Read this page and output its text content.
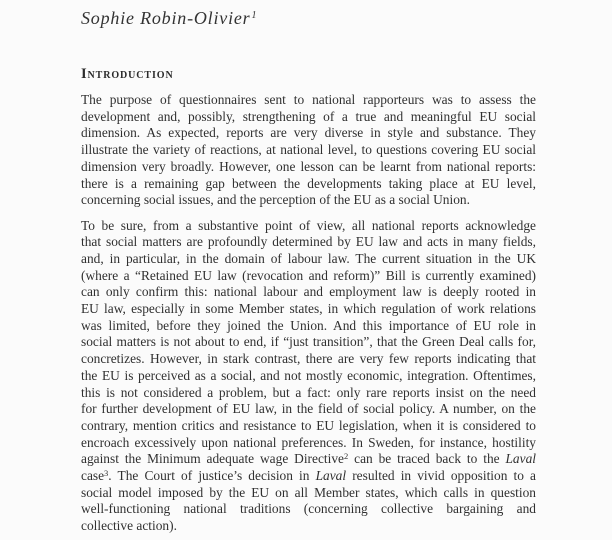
Sophie Robin-Olivier$^1$
Introduction
The purpose of questionnaires sent to national rapporteurs was to assess the
development and, possibly, strengthening of a true and meaningful EU social
dimension. As expected, reports are very diverse in style and substance. They
illustrate the variety of reactions, at national level, to questions covering EU social
dimension very broadly. However, one lesson can be learnt from national reports:
there is a remaining gap between the developments taking place at EU level,
concerning social issues, and the perception of the EU as a social Union.
To be sure, from a substantive point of view, all national reports acknowledge
that social matters are profoundly determined by EU law and acts in many fields,
and, in particular, in the domain of labour law. The current situation in the UK
(where a “Retained EU law (revocation and reform)” Bill is currently examined)
can only confirm this: national labour and employment law is deeply rooted in
EU law, especially in some Member states, in which regulation of work relations
was limited, before they joined the Union. And this importance of EU role in
social matters is not about to end, if “just transition”, that the Green Deal calls for,
concretizes. However, in stark contrast, there are very few reports indicating that
the EU is perceived as a social, and not mostly economic, integration. Oftentimes,
this is not considered a problem, but a fact: only rare reports insist on the need
for further development of EU law, in the field of social policy. A number, on the
contrary, mention critics and resistance to EU legislation, when it is considered to
encroach excessively upon national preferences. In Sweden, for instance, hostility
against the Minimum adequate wage Directive$^2$ can be traced back to the Laval
case$^3$. The Court of justice’s decision in Laval resulted in vivid opposition to a
social model imposed by the EU on all Member states, which calls in question
well-functioning national traditions (concerning collective bargaining and
collective action).
